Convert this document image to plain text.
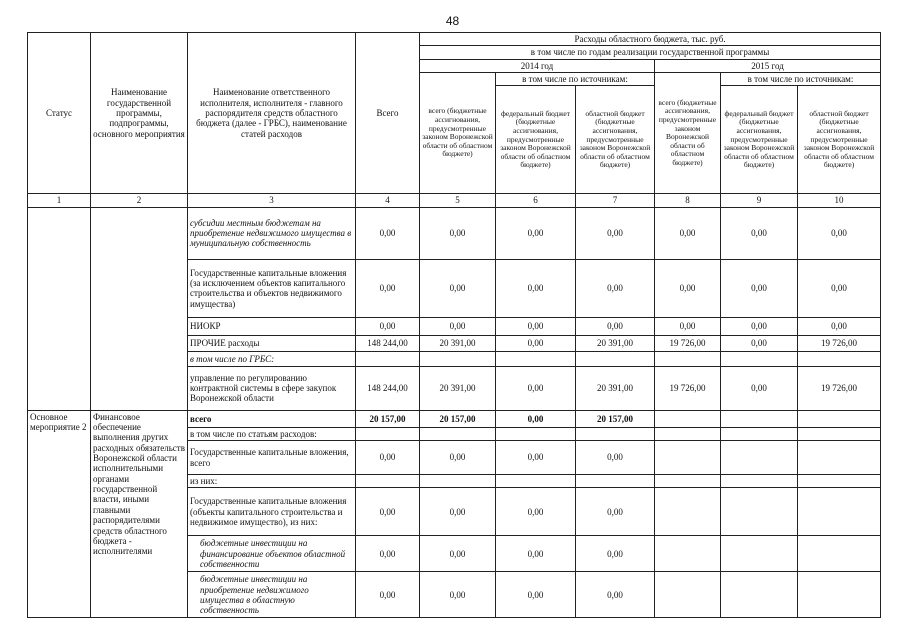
48
Статус	Наименование государственной программы, подпрограммы, основного мероприятия	Наименование ответственного исполнителя, исполнителя - главного распорядителя средств областного бюджета (далее - ГРБС), наименование статей расходов	Всего	Расходы областного бюджета, тыс. руб.					
				в том числе по годам реализации государственной программы					
				2014 год			2015 год		
				всего (бюджетные ассигнования, предусмотренные законом Воронежской области об областном бюджете)	в том числе по источникам:		всего (бюджетные ассигнования, предусмотренные законом Воронежской области об областном бюджете)	в том числе по источникам:	
					федеральный бюджет (бюджетные ассигнования, предусмотренные законом Воронежской области об областном бюджете)	областной бюджет (бюджетные ассигнования, предусмотренные законом Воронежской области об областном бюджете)		федеральный бюджет (бюджетные ассигнования, предусмотренные законом Воронежской области об областном бюджете)	областной бюджет (бюджетные ассигнования, предусмотренные законом Воронежской области об областном бюджете)
1	2	3	4	5	6	7	8	9	10
		субсидии местным бюджетам на приобретение недвижимого имущества в муниципальную собственность	0,00	0,00	0,00	0,00	0,00	0,00	0,00
		Государственные капитальные вложения (за исключением объектов капитального строительства и объектов недвижимого имущества)	0,00	0,00	0,00	0,00	0,00	0,00	0,00
		НИОКР	0,00	0,00	0,00	0,00	0,00	0,00	0,00
		ПРОЧИЕ расходы	148 244,00	20 391,00	0,00	20 391,00	19 726,00	0,00	19 726,00
		в том числе по ГРБС:							
		управление по регулированию контрактной системы в сфере закупок Воронежской области	148 244,00	20 391,00	0,00	20 391,00	19 726,00	0,00	19 726,00
Основное мероприятие 2	Финансовое обеспечение выполнения других расходных обязательств Воронежской области исполнительными органами государственной власти, иными главными распорядителями средств областного бюджета - исполнителями	всего	20 157,00	20 157,00	0,00	20 157,00			
		в том числе по статьям расходов:							
		Государственные капитальные вложения, всего	0,00	0,00	0,00	0,00			
		из них:							
		Государственные капитальные вложения (объекты капитального строительства и недвижимое имущество), из них:	0,00	0,00	0,00	0,00			
		бюджетные инвестиции на финансирование объектов областной собственности	0,00	0,00	0,00	0,00			
		бюджетные инвестиции на приобретение недвижимого имущества в областную собственность	0,00	0,00	0,00	0,00			
